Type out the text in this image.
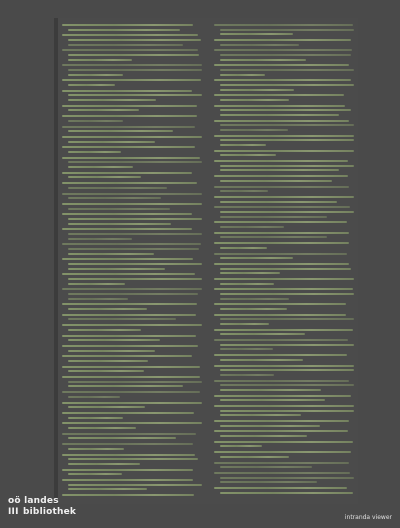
oö landes
III bibliothek
intranda viewer
